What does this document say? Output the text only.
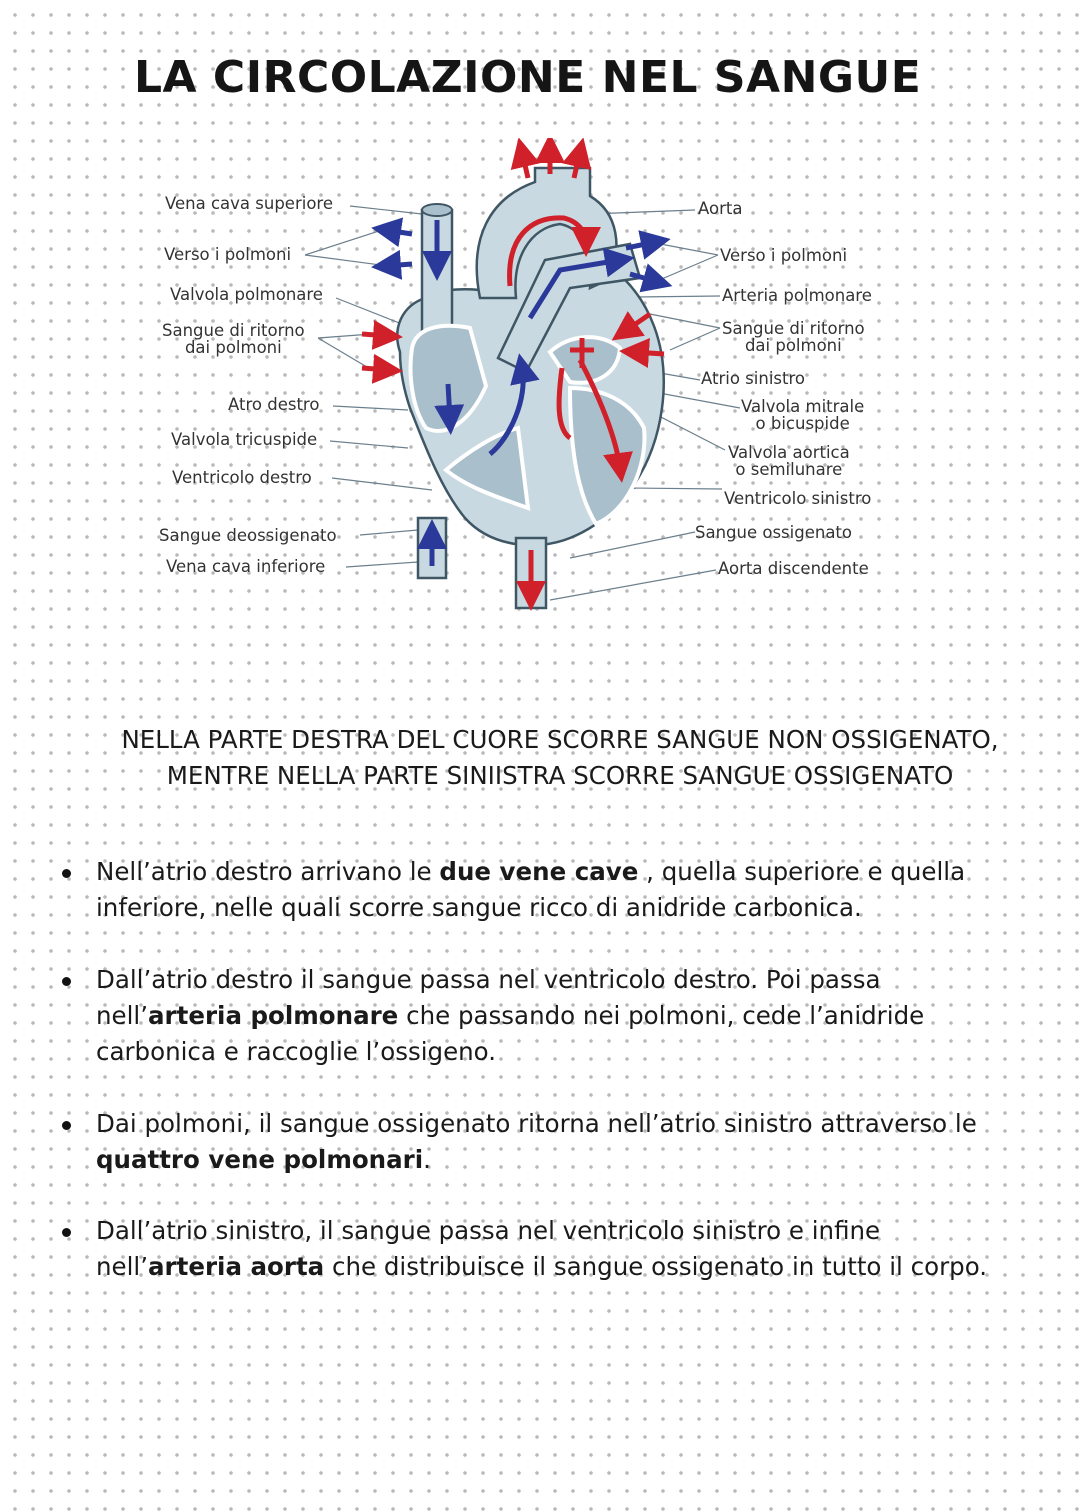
LA CIRCOLAZIONE NEL SANGUE
Vena cava superiore
Verso i polmoni
Valvola polmonare
Sangue di ritorno
dai polmoni
Atro destro
Valvola tricuspide
Ventricolo destro
Sangue deossigenato
Vena cava inferiore
Aorta
Verso i polmoni
Arteria polmonare
Sangue di ritorno
dai polmoni
Atrio sinistro
Valvola mitrale
o bicuspide
Valvola aortica
o semilunare
Ventricolo sinistro
Sangue ossigenato
Aorta discendente

NELLA PARTE DESTRA DEL CUORE SCORRE SANGUE NON OSSIGENATO,
MENTRE NELLA PARTE SINIISTRA SCORRE SANGUE OSSIGENATO

Nell’atrio destro arrivano le due vene cave , quella superiore e quella inferiore, nelle quali scorre sangue ricco di anidride carbonica.
Dall’atrio destro il sangue passa nel ventricolo destro. Poi passa nell’arteria polmonare che passando nei polmoni, cede l’anidride carbonica e raccoglie l’ossigeno.
Dai polmoni, il sangue ossigenato ritorna nell’atrio sinistro attraverso le quattro vene polmonari.
Dall’atrio sinistro, il sangue passa nel ventricolo sinistro e infine nell’arteria aorta che distribuisce il sangue ossigenato in tutto il corpo.
